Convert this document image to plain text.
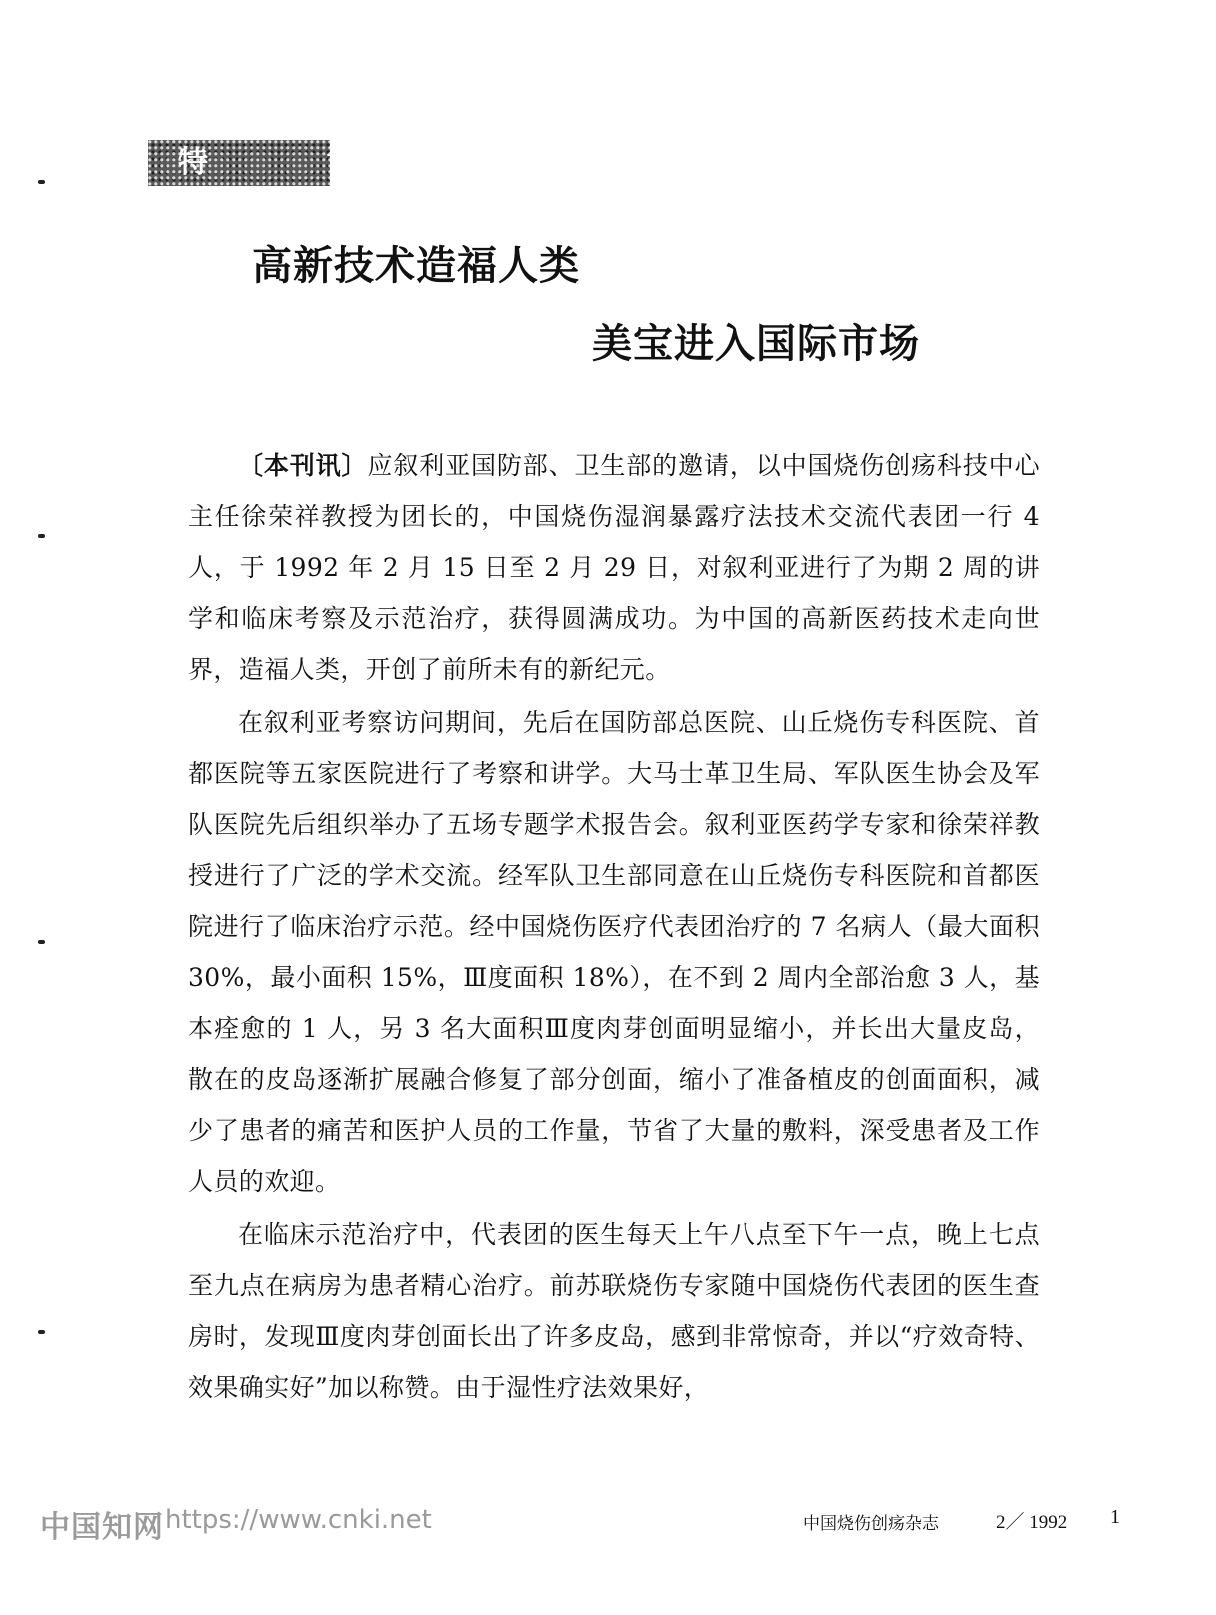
特 讯
高新技术造福人类
美宝进入国际市场

〔本刊讯〕应叙利亚国防部、卫生部的邀请，以中国烧伤创疡科技中心主任徐荣祥教授为团长的，中国烧伤湿润暴露疗法技术交流代表团一行 4 人，于 1992 年 2 月 15 日至 2 月 29 日，对叙利亚进行了为期 2 周的讲学和临床考察及示范治疗，获得圆满成功。为中国的高新医药技术走向世界，造福人类，开创了前所未有的新纪元。

在叙利亚考察访问期间，先后在国防部总医院、山丘烧伤专科医院、首都医院等五家医院进行了考察和讲学。大马士革卫生局、军队医生协会及军队医院先后组织举办了五场专题学术报告会。叙利亚医药学专家和徐荣祥教授进行了广泛的学术交流。经军队卫生部同意在山丘烧伤专科医院和首都医院进行了临床治疗示范。经中国烧伤医疗代表团治疗的 7 名病人（最大面积 30%，最小面积 15%，Ⅲ度面积 18%），在不到 2 周内全部治愈 3 人，基本痊愈的 1 人，另 3 名大面积Ⅲ度肉芽创面明显缩小，并长出大量皮岛，散在的皮岛逐渐扩展融合修复了部分创面，缩小了准备植皮的创面面积，减少了患者的痛苦和医护人员的工作量，节省了大量的敷料，深受患者及工作人员的欢迎。

在临床示范治疗中，代表团的医生每天上午八点至下午一点，晚上七点至九点在病房为患者精心治疗。前苏联烧伤专家随中国烧伤代表团的医生查房时，发现Ⅲ度肉芽创面长出了许多皮岛，感到非常惊奇，并以“疗效奇特、效果确实好”加以称赞。由于湿性疗法效果好，

中国知网 https://www.cnki.net	中国烧伤创疡杂志	2／ 1992 1
